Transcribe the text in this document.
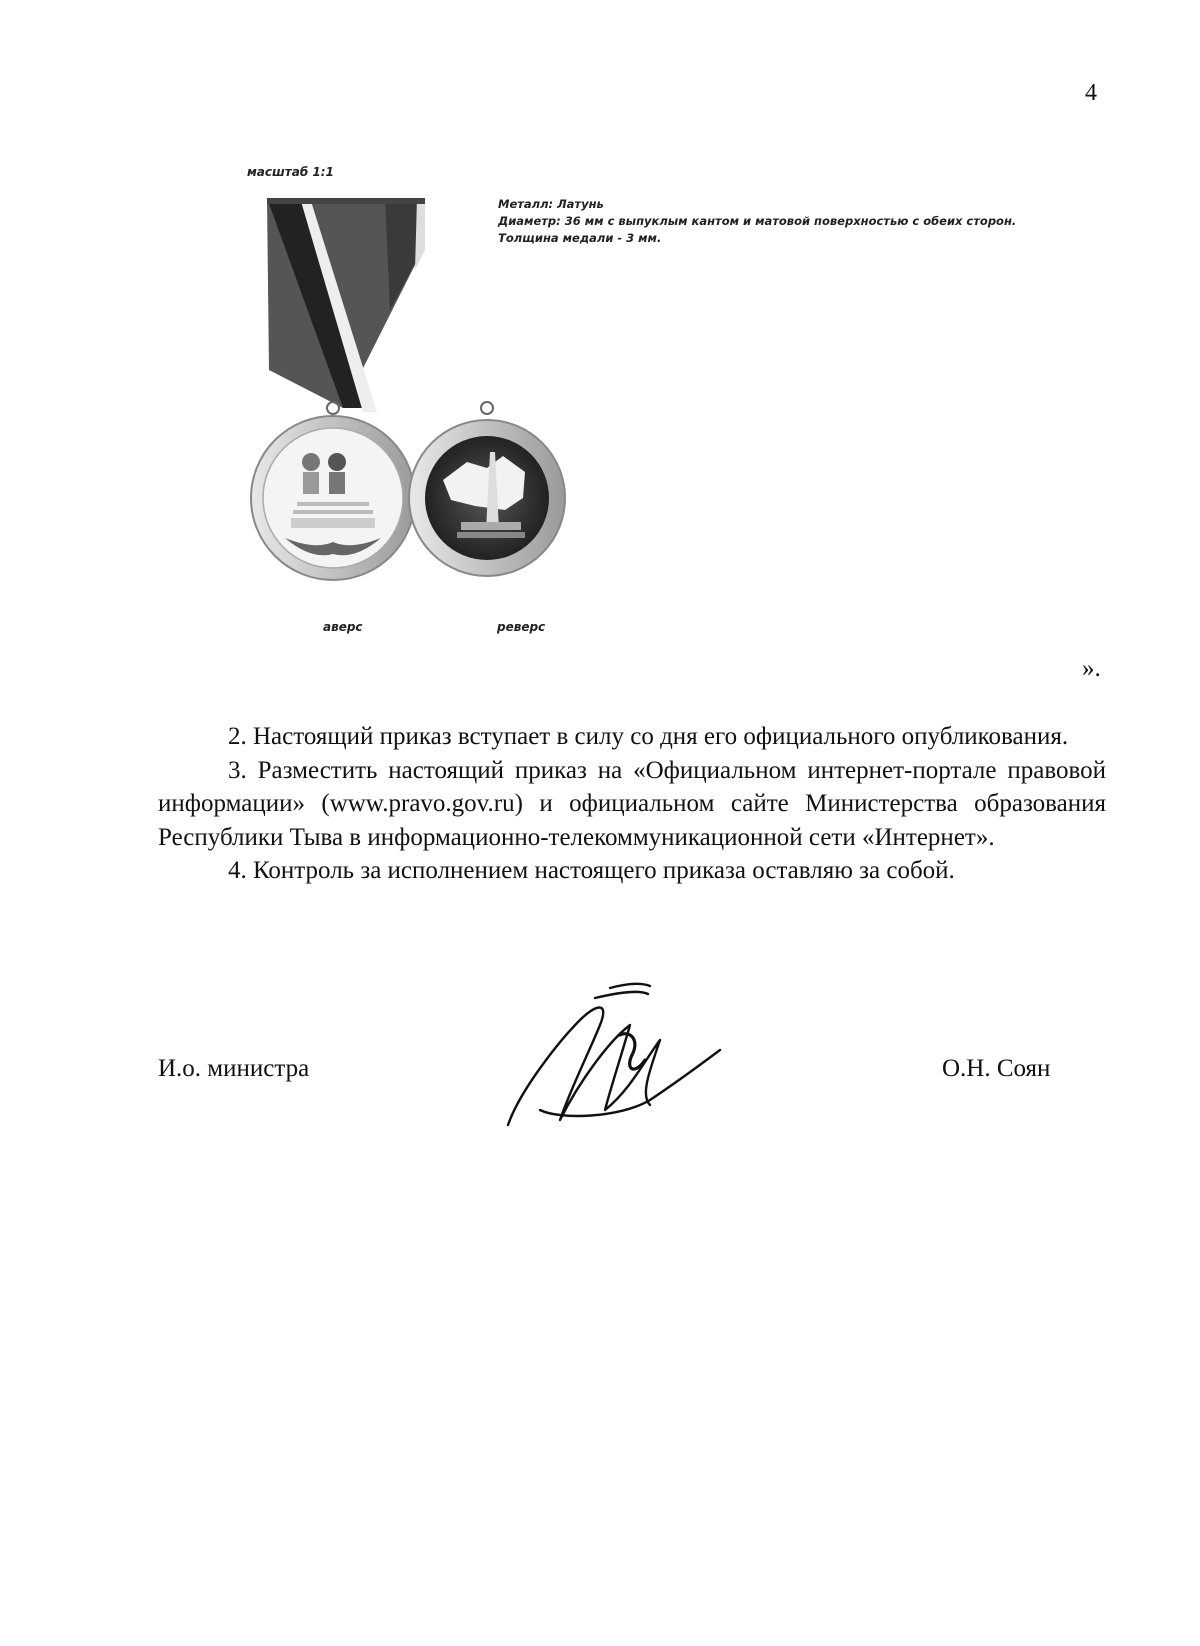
4
масштаб 1:1
Металл: Латунь
Диаметр: 36 мм с выпуклым кантом и матовой поверхностью с обеих сторон.
Толщина медали - 3 мм.
аверс	реверс
».

2. Настоящий приказ вступает в силу со дня его официального опубликования.

3. Разместить настоящий приказ на «Официальном интернет-портале правовой информации» (www.pravo.gov.ru) и официальном сайте Министерства образования Республики Тыва в информационно-телекоммуникационной сети «Интернет».

4. Контроль за исполнением настоящего приказа оставляю за собой.

И.о. министра	О.Н. Соян
